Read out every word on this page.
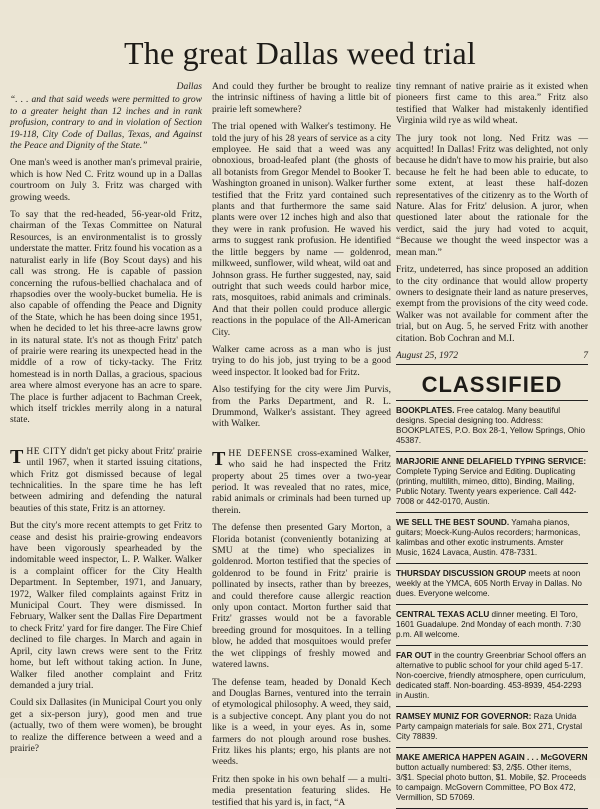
The great Dallas weed trial
Dallas

“. . . and that said weeds were permitted to grow to a greater height than 12 inches and in rank profusion, contrary to and in violation of Section 19-118, City Code of Dallas, Texas, and Against the Peace and Dignity of the State.”

One man's weed is another man's primeval prairie, which is how Ned C. Fritz wound up in a Dallas courtroom on July 3. Fritz was charged with growing weeds.

To say that the red-headed, 56-year-old Fritz, chairman of the Texas Committee on Natural Resources, is an environmentalist is to grossly understate the matter. Fritz found his vocation as a naturalist early in life (Boy Scout days) and his call was strong. He is capable of passion concerning the rufous-bellied chachalaca and of rhapsodies over the wooly-bucket bumelia. He is also capable of offending the Peace and Dignity of the State, which he has been doing since 1951, when he decided to let his three-acre lawns grow in its natural state. It's not as though Fritz' patch of prairie were rearing its unexpected head in the middle of a row of ticky-tacky. The Fritz homestead is in north Dallas, a gracious, spacious area where almost everyone has an acre to spare. The place is further adjacent to Bachman Creek, which itself trickles merrily along in a natural state.

THE CITY didn't get picky about Fritz' prairie until 1967, when it started issuing citations, which Fritz got dismissed because of legal technicalities. In the spare time he has left between admiring and defending the natural beauties of this state, Fritz is an attorney.

But the city's more recent attempts to get Fritz to cease and desist his prairie-growing endeavors have been vigorously spearheaded by the indomitable weed inspector, L. P. Walker. Walker is a complaint officer for the City Health Department. In September, 1971, and January, 1972, Walker filed complaints against Fritz in Municipal Court. They were dismissed. In February, Walker sent the Dallas Fire Department to check Fritz' yard for fire danger. The Fire Chief declined to file charges. In March and again in April, city lawn crews were sent to the Fritz home, but left without taking action. In June, Walker filed another complaint and Fritz demanded a jury trial.

Could six Dallasites (in Municipal Court you only get a six-person jury), good men and true (actually, two of them were women), be brought to realize the difference between a weed and a prairie?

And could they further be brought to realize the intrinsic niftiness of having a little bit of prairie left somewhere?

The trial opened with Walker's testimony. He told the jury of his 28 years of service as a city employee. He said that a weed was any obnoxious, broad-leafed plant (the ghosts of all botanists from Gregor Mendel to Booker T. Washington groaned in unison). Walker further testified that the Fritz yard contained such plants and that furthermore the same said plants were over 12 inches high and also that they were in rank profusion. He waved his arms to suggest rank profusion. He identified the little beggers by name — goldenrod, milkweed, sunflower, wild wheat, wild oat and Johnson grass. He further suggested, nay, said outright that such weeds could harbor mice, rats, mosquitoes, rabid animals and criminals. And that their pollen could produce allergic reactions in the populace of the All-American City.

Walker came across as a man who is just trying to do his job, just trying to be a good weed inspector. It looked bad for Fritz.

Also testifying for the city were Jim Purvis, from the Parks Department, and R. L. Drummond, Walker's assistant. They agreed with Walker.

THE DEFENSE cross-examined Walker, who said he had inspected the Fritz property about 25 times over a two-year period. It was revealed that no rates, mice, rabid animals or criminals had been turned up therein.

The defense then presented Gary Morton, a Florida botanist (conveniently botanizing at SMU at the time) who specializes in goldenrod. Morton testified that the species of goldenrod to be found in Fritz' prairie is pollinated by insects, rather than by breezes, and could therefore cause allergic reaction only upon contact. Morton further said that Fritz' grasses would not be a favorable breeding ground for mosquitoes. In a telling blow, he added that mosquitoes would prefer the wet clippings of freshly mowed and watered lawns.

The defense team, headed by Donald Kech and Douglas Barnes, ventured into the terrain of etymological philosophy. A weed, they said, is a subjective concept. Any plant you do not like is a weed, in your eyes. As in, some farmers do not plough around rose bushes. Fritz likes his plants; ergo, his plants are not weeds.

Fritz then spoke in his own behalf — a multi-media presentation featuring slides. He testified that his yard is, in fact, “A

tiny remnant of native prairie as it existed when pioneers first came to this area.” Fritz also testified that Walker had mistakenly identified Virginia wild rye as wild wheat.

The jury took not long. Ned Fritz was — acquitted! In Dallas! Fritz was delighted, not only because he didn't have to mow his prairie, but also because he felt he had been able to educate, to some extent, at least these half-dozen representatives of the citizenry as to the Worth of Nature. Alas for Fritz' delusion. A juror, when questioned later about the rationale for the verdict, said the jury had voted to acquit, “Because we thought the weed inspector was a mean man.”

Fritz, undeterred, has since proposed an addition to the city ordinance that would allow property owners to designate their land as nature preserves, exempt from the provisions of the city weed code. Walker was not available for comment after the trial, but on Aug. 5, he served Fritz with another citation. Bob Cochran and M.I.

August 25, 1972	7
CLASSIFIED
BOOKPLATES. Free catalog. Many beautiful designs. Special designing too. Address: BOOKPLATES, P.O. Box 28-1, Yellow Springs, Ohio 45387.
MARJORIE ANNE DELAFIELD TYPING SERVICE: Complete Typing Service and Editing. Duplicating (printing, multilith, mimeo, ditto), Binding, Mailing, Public Notary. Twenty years experience. Call 442-7008 or 442-0170, Austin.
WE SELL THE BEST SOUND. Yamaha pianos, guitars; Moeck-Kung-Aulos recorders; harmonicas, kalimbas and other exotic instruments. Amster Music, 1624 Lavaca, Austin. 478-7331.
THURSDAY DISCUSSION GROUP meets at noon weekly at the YMCA, 605 North Ervay in Dallas. No dues. Everyone welcome.
CENTRAL TEXAS ACLU dinner meeting. El Toro, 1601 Guadalupe. 2nd Monday of each month. 7:30 p.m. All welcome.
FAR OUT in the country Greenbriar School offers an alternative to public school for your child aged 5-17. Non-coercive, friendly atmosphere, open curriculum, dedicated staff. Non-boarding. 453-8939, 454-2293 in Austin.
RAMSEY MUNIZ FOR GOVERNOR: Raza Unida Party campaign materials for sale. Box 271, Crystal City 78839.
MAKE AMERICA HAPPEN AGAIN . . . McGOVERN button actually numbered: $3, 2/$5. Other items, 3/$1. Special photo button, $1. Mobile, $2. Proceeds to campaign. McGovern Committee, PO Box 472, Vermillion, SD 57069.
